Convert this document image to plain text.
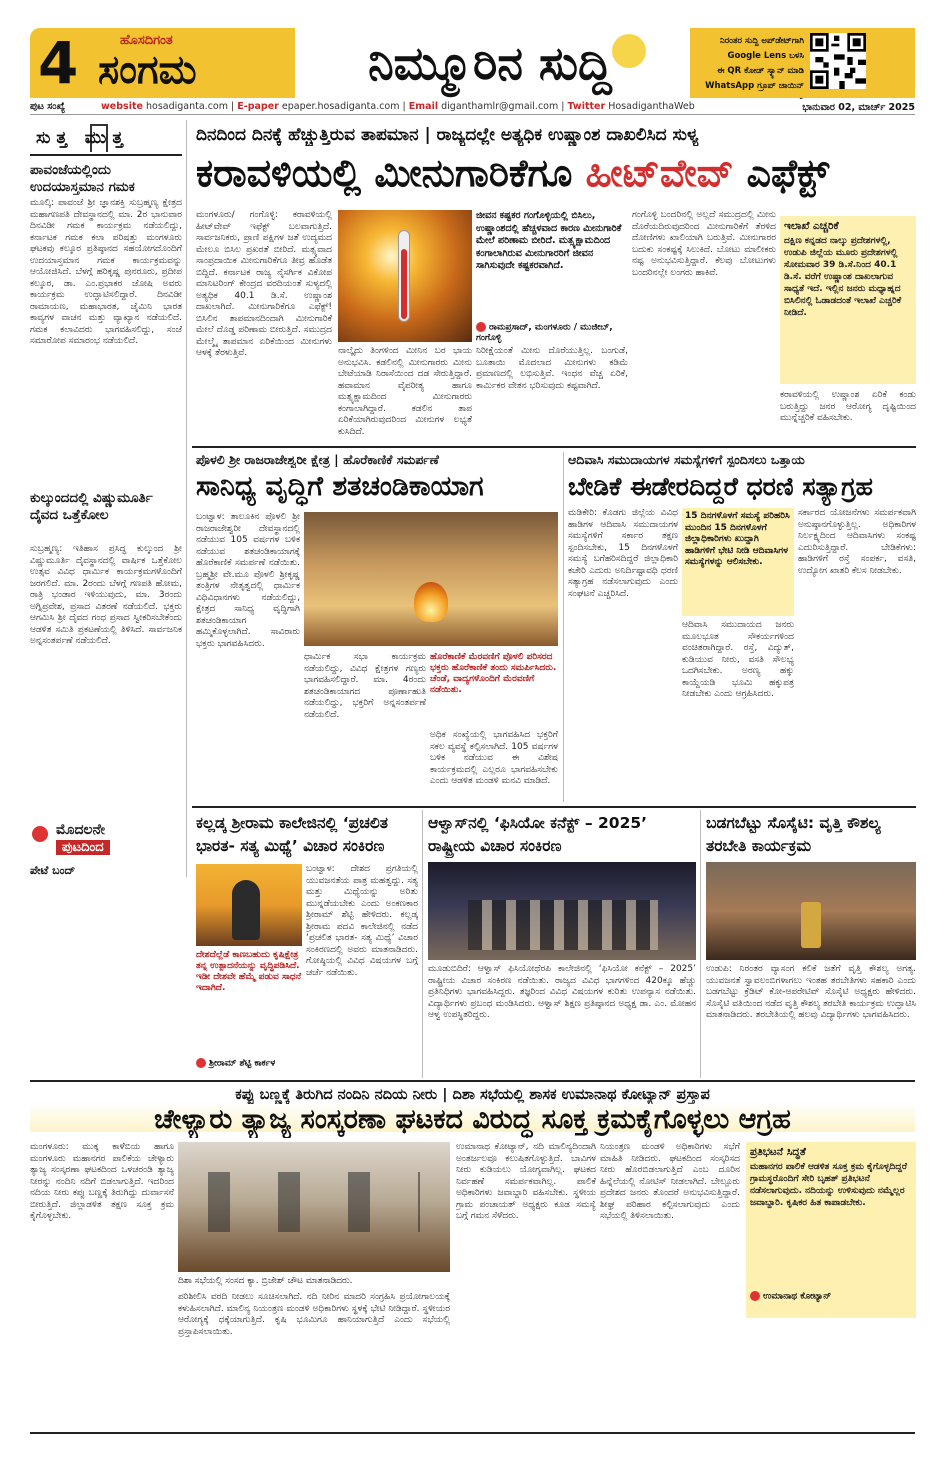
4	ಹೊಸದಿಗಂತ
ಸಂಗಮ	ನಿಮ್ಮೂರಿನ ಸುದ್ದಿ	ನಿರಂತರ ಸುದ್ದಿ ಅಪ್‌ಡೇಟ್‌ಗಾಗಿ
Google Lens ಬಳಸಿ
ಈ QR ಕೋಡ್ ಸ್ಕ್ಯಾನ್ ಮಾಡಿ
WhatsApp ಗ್ರೂಪ್ ಜಾಯಿನ್
ಪುಟ ಸಂಖ್ಯೆ	website hosadiganta.com | E-paper epaper.hosadiganta.com | Email diganthamlr@gmail.com | Twitter HosadiganthaWeb	ಭಾನುವಾರ 02, ಮಾರ್ಚ್ 2025
ಸುತ್ತ ಮುತ್ತ
ಪಾವಂಜೆಯಲ್ಲಿಂದು ಉದಯಾಸ್ತಮಾನ ಗಮಕ
ಮೂಲ್ಕಿ: ಪಾವಂಜೆ ಶ್ರೀ ಜ್ಞಾನಶಕ್ತಿ ಸುಬ್ರಹ್ಮಣ್ಯ ಕ್ಷೇತ್ರದ ಮಹಾಗಣಪತಿ ದೇವಸ್ಥಾನದಲ್ಲಿ ಮಾ. 2ರ ಭಾನುವಾರ ದಿನವಿಡೀ ಗಮಕ ಕಾರ್ಯಕ್ರಮ ನಡೆಯಲಿದ್ದು, ಕರ್ನಾಟಕ ಗಮಕ ಕಲಾ ಪರಿಷತ್ತು ಮಂಗಳೂರು ಘಟಕವು ಕಲ್ಕೂರ ಪ್ರತಿಷ್ಠಾನದ ಸಹಯೋಗದೊಂದಿಗೆ ಉದಯಾಸ್ತಮಾನ ಗಮಕ ಕಾರ್ಯಕ್ರಮವನ್ನು ಆಯೋಜಿಸಿದೆ. ಬೆಳಗ್ಗೆ ಹರಿಕೃಷ್ಣ ಪುನರೂರು, ಪ್ರದೀಪ ಕಲ್ಕೂರ, ಡಾ. ಎಂ.ಪ್ರಭಾಕರ ಜೋಷಿ ಅವರು ಕಾರ್ಯಕ್ರಮ ಉದ್ಘಾಟಿಸಲಿದ್ದಾರೆ. ದಿನವಿಡೀ ರಾಮಾಯಣ, ಮಹಾಭಾರತ, ಜೈಮಿನಿ ಭಾರತ ಕಾವ್ಯಗಳ ವಾಚನ ಮತ್ತು ವ್ಯಾಖ್ಯಾನ ನಡೆಯಲಿದೆ. ಗಮಕ ಕಲಾವಿದರು ಭಾಗವಹಿಸಲಿದ್ದು, ಸಂಜೆ ಸಮಾರೋಪ ಸಮಾರಂಭ ನಡೆಯಲಿದೆ.
ಕುಲ್ಕುಂದದಲ್ಲಿ ವಿಷ್ಣುಮೂರ್ತಿ ದೈವದ ಒತ್ತೆಕೋಲ
ಸುಬ್ರಹ್ಮಣ್ಯ: ಇತಿಹಾಸ ಪ್ರಸಿದ್ಧ ಕುಲ್ಕುಂದ ಶ್ರೀ ವಿಷ್ಣುಮೂರ್ತಿ ದೈವಸ್ಥಾನದಲ್ಲಿ ವಾರ್ಷಿಕ ಒತ್ತೆಕೋಲ ಉತ್ಸವ ವಿವಿಧ ಧಾರ್ಮಿಕ ಕಾರ್ಯಕ್ರಮಗಳೊಂದಿಗೆ ಜರಗಲಿದೆ. ಮಾ. 2ರಂದು ಬೆಳಗ್ಗೆ ಗಣಪತಿ ಹೋಮ, ರಾತ್ರಿ ಭಂಡಾರ ಇಳಿಯುವುದು, ಮಾ. 3ರಂದು ಅಗ್ನಿಪ್ರವೇಶ, ಪ್ರಸಾದ ವಿತರಣೆ ನಡೆಯಲಿದೆ. ಭಕ್ತರು ಆಗಮಿಸಿ ಶ್ರೀ ದೈವದ ಗಂಧ ಪ್ರಸಾದ ಸ್ವೀಕರಿಸಬೇಕೆಂದು ಆಡಳಿತ ಸಮಿತಿ ಪ್ರಕಟಣೆಯಲ್ಲಿ ತಿಳಿಸಿದೆ. ಸಾರ್ವಜನಿಕ ಅನ್ನಸಂತರ್ಪಣೆ ನಡೆಯಲಿದೆ.
ಮೊದಲನೇ
ಪುಟದಿಂದ
ಪೇಟೆ ಬಂದ್
ದಿನದಿಂದ ದಿನಕ್ಕೆ ಹೆಚ್ಚುತ್ತಿರುವ ತಾಪಮಾನ | ರಾಜ್ಯದಲ್ಲೇ ಅತ್ಯಧಿಕ ಉಷ್ಣಾಂಶ ದಾಖಲಿಸಿದ ಸುಳ್ಯ
ಕರಾವಳಿಯಲ್ಲಿ ಮೀನುಗಾರಿಕೆಗೂ ಹೀಟ್‌ವೇವ್ ಎಫೆಕ್ಟ್
ಮಂಗಳೂರು/ ಗಂಗೊಳ್ಳಿ: ಕರಾವಳಿಯಲ್ಲಿ ಹೀಟ್‌ವೇವ್ ಇಫೆಕ್ಟ್ ಬಲವಾಗುತ್ತಿದೆ. ಸಾರ್ವಜನಿಕರು, ಪ್ರಾಣಿ ಪಕ್ಷಿಗಳ ಜತೆ ಉದ್ಯಮದ ಮೇಲೂ ಬಿಸಿಲ ಪ್ರಖರತೆ ಬೀರಿದೆ. ಮತ್ಸ್ಯವಾದ ಸಾಂಪ್ರದಾಯಿಕ ಮೀನುಗಾರಿಕೆಗೂ ತೀವ್ರ ಹೊಡೆತ ಬಿದ್ದಿದೆ. ಕರ್ನಾಟಕ ರಾಜ್ಯ ನೈಸರ್ಗಿಕ ವಿಕೋಪ ಮಾನಿಟರಿಂಗ್ ಕೇಂದ್ರದ ವರದಿಯಂತೆ ಸುಳ್ಯದಲ್ಲಿ ಅತ್ಯಧಿಕ 40.1 ಡಿ.ಸೆ. ಉಷ್ಣಾಂಶ ದಾಖಲಾಗಿದೆ. ಮೀನುಗಾರಿಕೆಗೂ ಎಫೆಕ್ಟ್! ಬಿಸಿಲಿನ ತಾಪಮಾನದಿಂದಾಗಿ ಮೀನುಗಾರಿಕೆ ಮೇಲೆ ದೊಡ್ಡ ಪರಿಣಾಮ ಬೀರುತ್ತಿದೆ. ಸಮುದ್ರದ ಮೇಲ್ಮೈ ತಾಪಮಾನ ಏರಿಕೆಯಿಂದ ಮೀನುಗಳು ಆಳಕ್ಕೆ ತೆರಳುತ್ತಿವೆ.
ಜೀವನ ಕಷ್ಟಕರ ಗಂಗೊಳ್ಳಿಯಲ್ಲಿ ಬಿಸಿಲು, ಉಷ್ಣಾಂಶದಲ್ಲಿ ಹೆಚ್ಚಳವಾದ ಕಾರಣ ಮೀನುಗಾರಿಕೆ ಮೇಲೆ ಪರಿಣಾಮ ಬೀರಿದೆ. ಮತ್ಸ್ಯಕ್ಷಾಮದಿಂದ ಕಂಗಾಲಾಗಿರುವ ಮೀನುಗಾರರಿಗೆ ಜೀವನ ಸಾಗಿಸುವುದೇ ಕಷ್ಟಕರವಾಗಿದೆ.
ರಾಮಪ್ರಸಾದ್, ಮಂಗಳೂರು / ಮುಜೀಬ್, ಗಂಗೊಳ್ಳಿ
ನಾಲ್ಕೈದು ತಿಂಗಳಿಂದ ಮೀನಿನ ಬರ ಭಾಯ ಅನುಭವಿಸಿ. ಕಡಲಿನಲ್ಲಿ ಮೀನುಗಾರರು ಮೀನು ಬೇಟೆಯಾಡಿ ನಿರಾಸೆಯಿಂದ ದಡ ಸೇರುತ್ತಿದ್ದಾರೆ. ಹವಾಮಾನ ವೈಪರೀತ್ಯ ಹಾಗೂ ಮತ್ಸ್ಯಕ್ಷಾಮದಿಂದ ಮೀನುಗಾರರು ಕಂಗಾಲಾಗಿದ್ದಾರೆ. ಕಡಲಿನ ತಾಪ ಏರಿಕೆಯಾಗಿರುವುದರಿಂದ ಮೀನುಗಳ ಲಭ್ಯತೆ ಕುಸಿದಿದೆ.
ನಿರೀಕ್ಷೆಯಂತೆ ಮೀನು ದೊರೆಯುತ್ತಿಲ್ಲ. ಬಂಗುಡೆ, ಬೂತಾಯಿ ಮೊದಲಾದ ಮೀನುಗಳು ಕಡಿಮೆ ಪ್ರಮಾಣದಲ್ಲಿ ಲಭಿಸುತ್ತಿವೆ. ಇಂಧನ ವೆಚ್ಚ ಏರಿಕೆ, ಕಾರ್ಮಿಕರ ವೇತನ ಭರಿಸುವುದು ಕಷ್ಟವಾಗಿದೆ.
ಗಂಗೊಳ್ಳಿ ಬಂದರಿನಲ್ಲಿ ಅಲ್ಲದೆ ಸಮುದ್ರದಲ್ಲಿ ಮೀನು ದೊರೆಯದಿರುವುದರಿಂದ ಮೀನುಗಾರಿಕೆಗೆ ತೆರಳಿದ ದೋಣಿಗಳು ಖಾಲಿಯಾಗಿ ಬರುತ್ತಿವೆ. ಮೀನುಗಾರರ ಬದುಕು ಸಂಕಷ್ಟಕ್ಕೆ ಸಿಲುಕಿದೆ. ಬೋಟು ಮಾಲೀಕರು ನಷ್ಟ ಅನುಭವಿಸುತ್ತಿದ್ದಾರೆ. ಕೆಲವು ಬೋಟುಗಳು ಬಂದರಿನಲ್ಲೇ ಲಂಗರು ಹಾಕಿವೆ.
ಇಲಾಖೆ ಎಚ್ಚರಿಕೆ
ದಕ್ಷಿಣ ಕನ್ನಡದ ನಾಲ್ಕು ಪ್ರದೇಶಗಳಲ್ಲಿ, ಉಡುಪಿ ಜಿಲ್ಲೆಯ ಮೂರು ಪ್ರದೇಶಗಳಲ್ಲಿ ಸೋಮವಾರ 39 ಡಿ.ಸೆ.ನಿಂದ 40.1 ಡಿ.ಸೆ. ವರೆಗೆ ಉಷ್ಣಾಂಶ ದಾಖಲಾಗುವ ಸಾಧ್ಯತೆ ಇದೆ. ಇಲ್ಲಿನ ಜನರು ಮಧ್ಯಾಹ್ನದ ಬಿಸಿಲಿನಲ್ಲಿ ಓಡಾಡದಂತೆ ಇಲಾಖೆ ಎಚ್ಚರಿಕೆ ನೀಡಿದೆ.
ಕರಾವಳಿಯಲ್ಲಿ ಉಷ್ಣಾಂಶ ಏರಿಕೆ ಕಂಡು ಬರುತ್ತಿದ್ದು ಜನರ ಆರೋಗ್ಯ ದೃಷ್ಟಿಯಿಂದ ಮುನ್ನೆಚ್ಚರಿಕೆ ವಹಿಸಬೇಕು.
ಪೊಳಲಿ ಶ್ರೀ ರಾಜರಾಜೇಶ್ವರೀ ಕ್ಷೇತ್ರ | ಹೊರೆಕಾಣಿಕೆ ಸಮರ್ಪಣೆ
ಸಾನಿಧ್ಯ ವೃದ್ಧಿಗೆ ಶತಚಂಡಿಕಾಯಾಗ
ಬಂಟ್ವಾಳ: ತಾಲೂಕಿನ ಪೊಳಲಿ ಶ್ರೀ ರಾಜರಾಜೇಶ್ವರೀ ದೇವಸ್ಥಾನದಲ್ಲಿ ನಡೆಯುವ 105 ವರ್ಷಗಳ ಬಳಿಕ ನಡೆಯುವ ಶತಚಂಡಿಕಾಯಾಗಕ್ಕೆ ಹೊರೆಕಾಣಿಕೆ ಸಮರ್ಪಣೆ ನಡೆಯಿತು. ಬ್ರಹ್ಮಶ್ರೀ ವೇ.ಮೂ ಪೊಳಲಿ ಶ್ರೀಕೃಷ್ಣ ತಂತ್ರಿಗಳ ನೇತೃತ್ವದಲ್ಲಿ ಧಾರ್ಮಿಕ ವಿಧಿವಿಧಾನಗಳು ನಡೆಯಲಿದ್ದು, ಕ್ಷೇತ್ರದ ಸಾನಿಧ್ಯ ವೃದ್ಧಿಗಾಗಿ ಶತಚಂಡಿಕಾಯಾಗ ಹಮ್ಮಿಕೊಳ್ಳಲಾಗಿದೆ. ಸಾವಿರಾರು ಭಕ್ತರು ಭಾಗವಹಿಸಿದರು.
ಧಾರ್ಮಿಕ ಸಭಾ ಕಾರ್ಯಕ್ರಮ ನಡೆಯಲಿದ್ದು, ವಿವಿಧ ಕ್ಷೇತ್ರಗಳ ಗಣ್ಯರು ಭಾಗವಹಿಸಲಿದ್ದಾರೆ. ಮಾ. 4ರಂದು ಶತಚಂಡಿಕಾಯಾಗದ ಪೂರ್ಣಾಹುತಿ ನಡೆಯಲಿದ್ದು, ಭಕ್ತರಿಗೆ ಅನ್ನಸಂತರ್ಪಣೆ ನಡೆಯಲಿದೆ.
ಹೊರೆಕಾಣಿಕೆ ಮೆರವಣಿಗೆ ಪೊಳಲಿ ಪರಿಸರದ ಭಕ್ತರು ಹೊರೆಕಾಣಿಕೆ ತಂದು ಸಮರ್ಪಿಸಿದರು. ಚೆಂಡೆ, ವಾದ್ಯಗಳೊಂದಿಗೆ ಮೆರವಣಿಗೆ ನಡೆಯಿತು.
ಅಧಿಕ ಸಂಖ್ಯೆಯಲ್ಲಿ ಭಾಗವಹಿಸಿದ ಭಕ್ತರಿಗೆ ಸಕಲ ವ್ಯವಸ್ಥೆ ಕಲ್ಪಿಸಲಾಗಿದೆ. 105 ವರ್ಷಗಳ ಬಳಿಕ ನಡೆಯುವ ಈ ವಿಶೇಷ ಕಾರ್ಯಕ್ರಮದಲ್ಲಿ ಎಲ್ಲರೂ ಭಾಗವಹಿಸಬೇಕು ಎಂದು ಆಡಳಿತ ಮಂಡಳಿ ಮನವಿ ಮಾಡಿದೆ.
ಆದಿವಾಸಿ ಸಮುದಾಯಗಳ ಸಮಸ್ಯೆಗಳಿಗೆ ಸ್ಪಂದಿಸಲು ಒತ್ತಾಯ
ಬೇಡಿಕೆ ಈಡೇರದಿದ್ದರೆ ಧರಣಿ ಸತ್ಯಾಗ್ರಹ
ಮಡಿಕೇರಿ: ಕೊಡಗು ಜಿಲ್ಲೆಯ ವಿವಿಧ ಹಾಡಿಗಳ ಆದಿವಾಸಿ ಸಮುದಾಯಗಳ ಸಮಸ್ಯೆಗಳಿಗೆ ಸರ್ಕಾರ ತಕ್ಷಣ ಸ್ಪಂದಿಸಬೇಕು, 15 ದಿನಗಳೊಳಗೆ ಸಮಸ್ಯೆ ಬಗೆಹರಿಸದಿದ್ದರೆ ಜಿಲ್ಲಾಧಿಕಾರಿ ಕಚೇರಿ ಎದುರು ಅನಿರ್ದಿಷ್ಟಾವಧಿ ಧರಣಿ ಸತ್ಯಾಗ್ರಹ ನಡೆಸಲಾಗುವುದು ಎಂದು ಸಂಘಟನೆ ಎಚ್ಚರಿಸಿದೆ.
15 ದಿನಗಳೊಳಗೆ ಸಮಸ್ಯೆ ಪರಿಹರಿಸಿ ಮುಂದಿನ 15 ದಿನಗಳೊಳಗೆ ಜಿಲ್ಲಾಧಿಕಾರಿಗಳು ಖುದ್ದಾಗಿ ಹಾಡಿಗಳಿಗೆ ಭೇಟಿ ನೀಡಿ ಆದಿವಾಸಿಗಳ ಸಮಸ್ಯೆಗಳನ್ನು ಆಲಿಸಬೇಕು.
ಆದಿವಾಸಿ ಸಮುದಾಯದ ಜನರು ಮೂಲಭೂತ ಸೌಕರ್ಯಗಳಿಂದ ವಂಚಿತರಾಗಿದ್ದಾರೆ. ರಸ್ತೆ, ವಿದ್ಯುತ್, ಕುಡಿಯುವ ನೀರು, ವಸತಿ ಸೌಲಭ್ಯ ಒದಗಿಸಬೇಕು. ಅರಣ್ಯ ಹಕ್ಕು ಕಾಯ್ದೆಯಡಿ ಭೂಮಿ ಹಕ್ಕುಪತ್ರ ನೀಡಬೇಕು ಎಂದು ಆಗ್ರಹಿಸಿದರು.
ಸರ್ಕಾರದ ಯೋಜನೆಗಳು ಸಮರ್ಪಕವಾಗಿ ಅನುಷ್ಠಾನಗೊಳ್ಳುತ್ತಿಲ್ಲ. ಅಧಿಕಾರಿಗಳ ನಿರ್ಲಕ್ಷ್ಯದಿಂದ ಆದಿವಾಸಿಗಳು ಸಂಕಷ್ಟ ಎದುರಿಸುತ್ತಿದ್ದಾರೆ. ಬೇಡಿಕೆಗಳು: ಹಾಡಿಗಳಿಗೆ ರಸ್ತೆ ಸಂಪರ್ಕ, ವಸತಿ, ಉದ್ಯೋಗ ಖಾತರಿ ಕೆಲಸ ನೀಡಬೇಕು.
ಕಲ್ಲಡ್ಕ ಶ್ರೀರಾಮ ಕಾಲೇಜಿನಲ್ಲಿ ‘ಪ್ರಚಲಿತ ಭಾರತ- ಸತ್ಯ ಮಿಥ್ಯೆ’ ವಿಚಾರ ಸಂಕಿರಣ
ಬಂಟ್ವಾಳ: ದೇಶದ ಪ್ರಗತಿಯಲ್ಲಿ ಯುವಜನತೆಯ ಪಾತ್ರ ಮಹತ್ವದ್ದು. ಸತ್ಯ ಮತ್ತು ಮಿಥ್ಯೆಯನ್ನು ಅರಿತು ಮುನ್ನಡೆಯಬೇಕು ಎಂದು ಅಂಕಣಕಾರ ಶ್ರೀರಾಮ್ ಶೆಟ್ಟಿ ಹೇಳಿದರು. ಕಲ್ಲಡ್ಕ ಶ್ರೀರಾಮ ಪದವಿ ಕಾಲೇಜಿನಲ್ಲಿ ನಡೆದ ‘ಪ್ರಚಲಿತ ಭಾರತ- ಸತ್ಯ ಮಿಥ್ಯೆ’ ವಿಚಾರ ಸಂಕಿರಣದಲ್ಲಿ ಅವರು ಮಾತನಾಡಿದರು. ಗೋಷ್ಠಿಯಲ್ಲಿ ವಿವಿಧ ವಿಷಯಗಳ ಬಗ್ಗೆ ಚರ್ಚೆ ನಡೆಯಿತು.
ದೇಶದೆಲ್ಲೆಡೆ ಕಾಣಬಹುದು ಕೃಷಿಕ್ಷೇತ್ರ ತನ್ನ ಉತ್ಪಾದನೆಯನ್ನು ವೃದ್ಧಿಪಡಿಸಿದೆ. ಇಡೀ ದೇಶವೇ ಹೆಮ್ಮೆ ಪಡುವ ಸಾಧನೆ ಇದಾಗಿದೆ.
ಶ್ರೀರಾಮ್ ಶೆಟ್ಟಿ ಕಾರ್ಕಳ
ಆಳ್ವಾಸ್‌ನಲ್ಲಿ ‘ಫಿಸಿಯೋ ಕನೆಕ್ಟ್ – 2025’ ರಾಷ್ಟ್ರೀಯ ವಿಚಾರ ಸಂಕಿರಣ
ಮೂಡುಬಿದಿರೆ: ಆಳ್ವಾಸ್ ಫಿಸಿಯೋಥೆರಪಿ ಕಾಲೇಜಿನಲ್ಲಿ ‘ಫಿಸಿಯೋ ಕನೆಕ್ಟ್ – 2025’ ರಾಷ್ಟ್ರೀಯ ವಿಚಾರ ಸಂಕಿರಣ ನಡೆಯಿತು. ರಾಜ್ಯದ ವಿವಿಧ ಭಾಗಗಳಿಂದ 420ಕ್ಕೂ ಹೆಚ್ಚು ಪ್ರತಿನಿಧಿಗಳು ಭಾಗವಹಿಸಿದ್ದರು. ತಜ್ಞರಿಂದ ವಿವಿಧ ವಿಷಯಗಳ ಕುರಿತು ಉಪನ್ಯಾಸ ನಡೆಯಿತು. ವಿದ್ಯಾರ್ಥಿಗಳು ಪ್ರಬಂಧ ಮಂಡಿಸಿದರು. ಆಳ್ವಾಸ್ ಶಿಕ್ಷಣ ಪ್ರತಿಷ್ಠಾನದ ಅಧ್ಯಕ್ಷ ಡಾ. ಎಂ. ಮೋಹನ ಆಳ್ವ ಉಪಸ್ಥಿತರಿದ್ದರು.
ಬಡಗಬೆಟ್ಟು ಸೊಸೈಟಿ: ವೃತ್ತಿ ಕೌಶಲ್ಯ ತರಬೇತಿ ಕಾರ್ಯಕ್ರಮ
ಉಡುಪಿ: ನಿರಂತರ ವ್ಯಾಸಂಗ ಕಲಿಕೆ ಜತೆಗೆ ವೃತ್ತಿ ಕೌಶಲ್ಯ ಅಗತ್ಯ. ಯುವಜನತೆ ಸ್ವಾವಲಂಬಿಗಳಾಗಲು ಇಂತಹ ತರಬೇತಿಗಳು ಸಹಕಾರಿ ಎಂದು ಬಡಗಬೆಟ್ಟು ಕ್ರೆಡಿಟ್ ಕೋ-ಆಪರೇಟಿವ್ ಸೊಸೈಟಿ ಅಧ್ಯಕ್ಷರು ಹೇಳಿದರು. ಸೊಸೈಟಿ ವತಿಯಿಂದ ನಡೆದ ವೃತ್ತಿ ಕೌಶಲ್ಯ ತರಬೇತಿ ಕಾರ್ಯಕ್ರಮ ಉದ್ಘಾಟಿಸಿ ಮಾತನಾಡಿದರು. ತರಬೇತಿಯಲ್ಲಿ ಹಲವು ವಿದ್ಯಾರ್ಥಿಗಳು ಭಾಗವಹಿಸಿದರು.
ಕಪ್ಪು ಬಣ್ಣಕ್ಕೆ ತಿರುಗಿದ ನಂದಿನಿ ನದಿಯ ನೀರು | ದಿಶಾ ಸಭೆಯಲ್ಲಿ ಶಾಸಕ ಉಮಾನಾಥ ಕೋಟ್ಯಾನ್ ಪ್ರಸ್ತಾಪ
ಚೇಳ್ಯಾರು ತ್ಯಾಜ್ಯ ಸಂಸ್ಕರಣಾ ಘಟಕದ ವಿರುದ್ಧ ಸೂಕ್ತ ಕ್ರಮಕೈಗೊಳ್ಳಲು ಆಗ್ರಹ
ಮಂಗಳೂರು: ಮುಕ್ಕ ಕಾಳೆಬಿಯ ಹಾಗೂ ಮಂಗಳೂರು ಮಹಾನಗರ ಪಾಲಿಕೆಯ ಚೇಳ್ಯಾರು ತ್ಯಾಜ್ಯ ಸಂಸ್ಕರಣಾ ಘಟಕದಿಂದ ಒಳಚರಂಡಿ ತ್ಯಾಜ್ಯ ನೀರನ್ನು ನಂದಿನಿ ನದಿಗೆ ಬಿಡಲಾಗುತ್ತಿದೆ. ಇದರಿಂದ ನದಿಯ ನೀರು ಕಪ್ಪು ಬಣ್ಣಕ್ಕೆ ತಿರುಗಿದ್ದು ದುರ್ವಾಸನೆ ಬೀರುತ್ತಿದೆ. ಜಿಲ್ಲಾಡಳಿತ ತಕ್ಷಣ ಸೂಕ್ತ ಕ್ರಮ ಕೈಗೊಳ್ಳಬೇಕು.
ದಿಶಾ ಸಭೆಯಲ್ಲಿ ಸಂಸದ ಕ್ಯಾ. ಬ್ರಿಜೇಶ್ ಚೌಟ ಮಾತನಾಡಿದರು.
ಪರಿಶೀಲಿಸಿ ವರದಿ ನೀಡಲು ಸೂಚಿಸಲಾಗಿದೆ. ನದಿ ನೀರಿನ ಮಾದರಿ ಸಂಗ್ರಹಿಸಿ ಪ್ರಯೋಗಾಲಯಕ್ಕೆ ಕಳುಹಿಸಲಾಗಿದೆ. ಮಾಲಿನ್ಯ ನಿಯಂತ್ರಣ ಮಂಡಳಿ ಅಧಿಕಾರಿಗಳು ಸ್ಥಳಕ್ಕೆ ಭೇಟಿ ನೀಡಿದ್ದಾರೆ. ಸ್ಥಳೀಯರ ಆರೋಗ್ಯಕ್ಕೆ ಧಕ್ಕೆಯಾಗುತ್ತಿದೆ. ಕೃಷಿ ಭೂಮಿಗೂ ಹಾನಿಯಾಗುತ್ತಿದೆ ಎಂದು ಸಭೆಯಲ್ಲಿ ಪ್ರಸ್ತಾಪಿಸಲಾಯಿತು.
ಉಮಾನಾಥ ಕೋಟ್ಯಾನ್, ನದಿ ಮಾಲಿನ್ಯದಿಂದಾಗಿ ಅಂತರ್ಜಲವೂ ಕಲುಷಿತಗೊಳ್ಳುತ್ತಿದೆ. ಬಾವಿಗಳ ನೀರು ಕುಡಿಯಲು ಯೋಗ್ಯವಾಗಿಲ್ಲ. ಘಟಕದ ನಿರ್ವಹಣೆ ಸಮರ್ಪಕವಾಗಿಲ್ಲ. ಪಾಲಿಕೆ ಅಧಿಕಾರಿಗಳು ಜವಾಬ್ದಾರಿ ವಹಿಸಬೇಕು. ಸ್ಥಳೀಯ ಗ್ರಾಮ ಪಂಚಾಯತ್ ಅಧ್ಯಕ್ಷರು ಕೂಡ ಸಮಸ್ಯೆ ಬಗ್ಗೆ ಗಮನ ಸೆಳೆದರು.
ನಿಯಂತ್ರಣ ಮಂಡಳಿ ಅಧಿಕಾರಿಗಳು ಸಭೆಗೆ ಮಾಹಿತಿ ನೀಡಿದರು. ಘಟಕದಿಂದ ಸಂಸ್ಕರಿಸದ ನೀರು ಹೊರಬಿಡಲಾಗುತ್ತಿದೆ ಎಂಬ ದೂರಿನ ಹಿನ್ನೆಲೆಯಲ್ಲಿ ನೋಟಿಸ್ ನೀಡಲಾಗಿದೆ. ಬೇಲ್ಪೂರು ಪ್ರದೇಶದ ಜನರು ತೊಂದರೆ ಅನುಭವಿಸುತ್ತಿದ್ದಾರೆ. ಶೀಘ್ರ ಪರಿಹಾರ ಕಲ್ಪಿಸಲಾಗುವುದು ಎಂದು ಸಭೆಯಲ್ಲಿ ತಿಳಿಸಲಾಯಿತು.
ಪ್ರತಿಭಟನೆ ಸಿದ್ಧತೆ
ಮಹಾನಗರ ಪಾಲಿಕೆ ಆಡಳಿತ ಸೂಕ್ತ ಕ್ರಮ ಕೈಗೊಳ್ಳದಿದ್ದರೆ ಗ್ರಾಮಸ್ಥರೊಂದಿಗೆ ಸೇರಿ ಬೃಹತ್ ಪ್ರತಿಭಟನೆ ನಡೆಸಲಾಗುವುದು. ನದಿಯನ್ನು ಉಳಿಸುವುದು ನಮ್ಮೆಲ್ಲರ ಜವಾಬ್ದಾರಿ. ಕೃಷಿಕರ ಹಿತ ಕಾಪಾಡಬೇಕು.
ಉಮಾನಾಥ ಕೋಟ್ಯಾನ್
